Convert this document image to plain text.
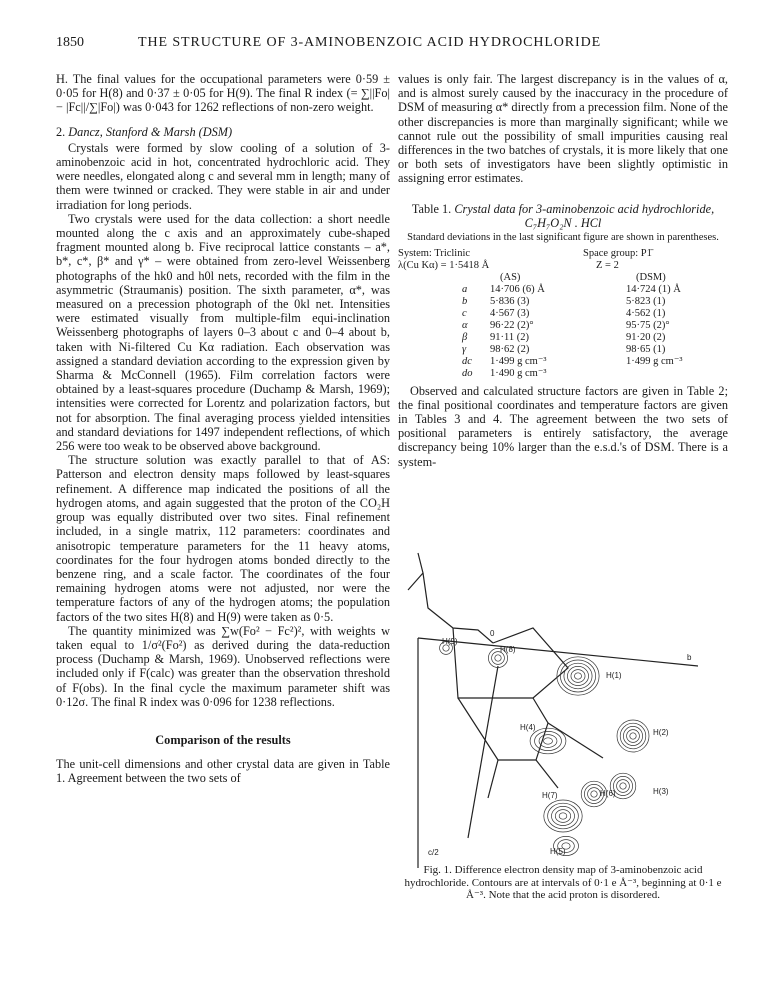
1850	THE STRUCTURE OF 3-AMINOBENZOIC ACID HYDROCHLORIDE

H. The final values for the occupational parameters were 0·59 ± 0·05 for H(8) and 0·37 ± 0·05 for H(9). The final R index (= ∑||Fo| − |Fc||/∑|Fo|) was 0·043 for 1262 reflections of non-zero weight.

2. Dancz, Stanford & Marsh (DSM)

Crystals were formed by slow cooling of a solution of 3-aminobenzoic acid in hot, concentrated hydrochloric acid. They were needles, elongated along c and several mm in length; many of them were twinned or cracked. They were stable in air and under irradiation for long periods.

Two crystals were used for the data collection: a short needle mounted along the c axis and an approximately cube-shaped fragment mounted along b. Five reciprocal lattice constants – a*, b*, c*, β* and γ* – were obtained from zero-level Weissenberg photographs of the hk0 and h0l nets, recorded with the film in the asymmetric (Straumanis) position. The sixth parameter, α*, was measured on a precession photograph of the 0kl net. Intensities were estimated visually from multiple-film equi-inclination Weissenberg photographs of layers 0–3 about c and 0–4 about b, taken with Ni-filtered Cu Kα radiation. Each observation was assigned a standard deviation according to the expression given by Sharma & McConnell (1965). Film correlation factors were obtained by a least-squares procedure (Duchamp & Marsh, 1969); intensities were corrected for Lorentz and polarization factors, but not for absorption. The final averaging process yielded intensities and standard deviations for 1497 independent reflections, of which 256 were too weak to be observed above background.

The structure solution was exactly parallel to that of AS: Patterson and electron density maps followed by least-squares refinement. A difference map indicated the positions of all the hydrogen atoms, and again suggested that the proton of the CO₂H group was equally distributed over two sites. Final refinement included, in a single matrix, 112 parameters: coordinates and anisotropic temperature parameters for the 11 heavy atoms, coordinates for the four hydrogen atoms bonded directly to the benzene ring, and a scale factor. The coordinates of the four remaining hydrogen atoms were not adjusted, nor were the temperature factors of any of the hydrogen atoms; the population factors of the two sites H(8) and H(9) were taken as 0·5.

The quantity minimized was ∑w(Fo² − Fc²)², with weights w taken equal to 1/σ²(Fo²) as derived during the data-reduction process (Duchamp & Marsh, 1969). Unobserved reflections were included only if F(calc) was greater than the observation threshold of F(obs). In the final cycle the maximum parameter shift was 0·12σ. The final R index was 0·096 for 1238 reflections.

Comparison of the results

The unit-cell dimensions and other crystal data are given in Table 1. Agreement between the two sets of

values is only fair. The largest discrepancy is in the values of α, and is almost surely caused by the inaccuracy in the procedure of DSM of measuring α* directly from a precession film. None of the other discrepancies is more than marginally significant; while we cannot rule out the possibility of small impurities causing real differences in the two batches of crystals, it is more likely that one or both sets of investigators have been slightly optimistic in assigning error estimates.

Table 1. Crystal data for 3-aminobenzoic acid hydrochloride, C₇H₇O₂N . HCl

Standard deviations in the last significant figure are shown in parentheses.

System: Triclinic	Space group: P1̄
λ(Cu Kα) = 1·5418 Å	Z = 2
(AS)	(DSM)
a 14·706 (6) Å	14·724 (1) Å
b 5·836 (3)	5·823 (1)
c 4·567 (3)	4·562 (1)
α 96·22 (2)°	95·75 (2)°
β 91·11 (2)	91·20 (2)
γ 98·62 (2)	98·65 (1)
dc 1·499 g cm⁻³	1·499 g cm⁻³
do 1·490 g cm⁻³

Observed and calculated structure factors are given in Table 2; the final positional coordinates and temperature factors are given in Tables 3 and 4. The agreement between the two sets of positional parameters is entirely satisfactory, the average discrepancy being 10% larger than the e.s.d.'s of DSM. There is a system-

H(9)
H(8)
H(1)
H(2)
H(3)
H(4)
H(6)
H(7)
H(5)
0
b
c/2

Fig. 1. Difference electron density map of 3-aminobenzoic acid hydrochloride. Contours are at intervals of 0·1 e Å⁻³, beginning at 0·1 e Å⁻³. Note that the acid proton is disordered.
